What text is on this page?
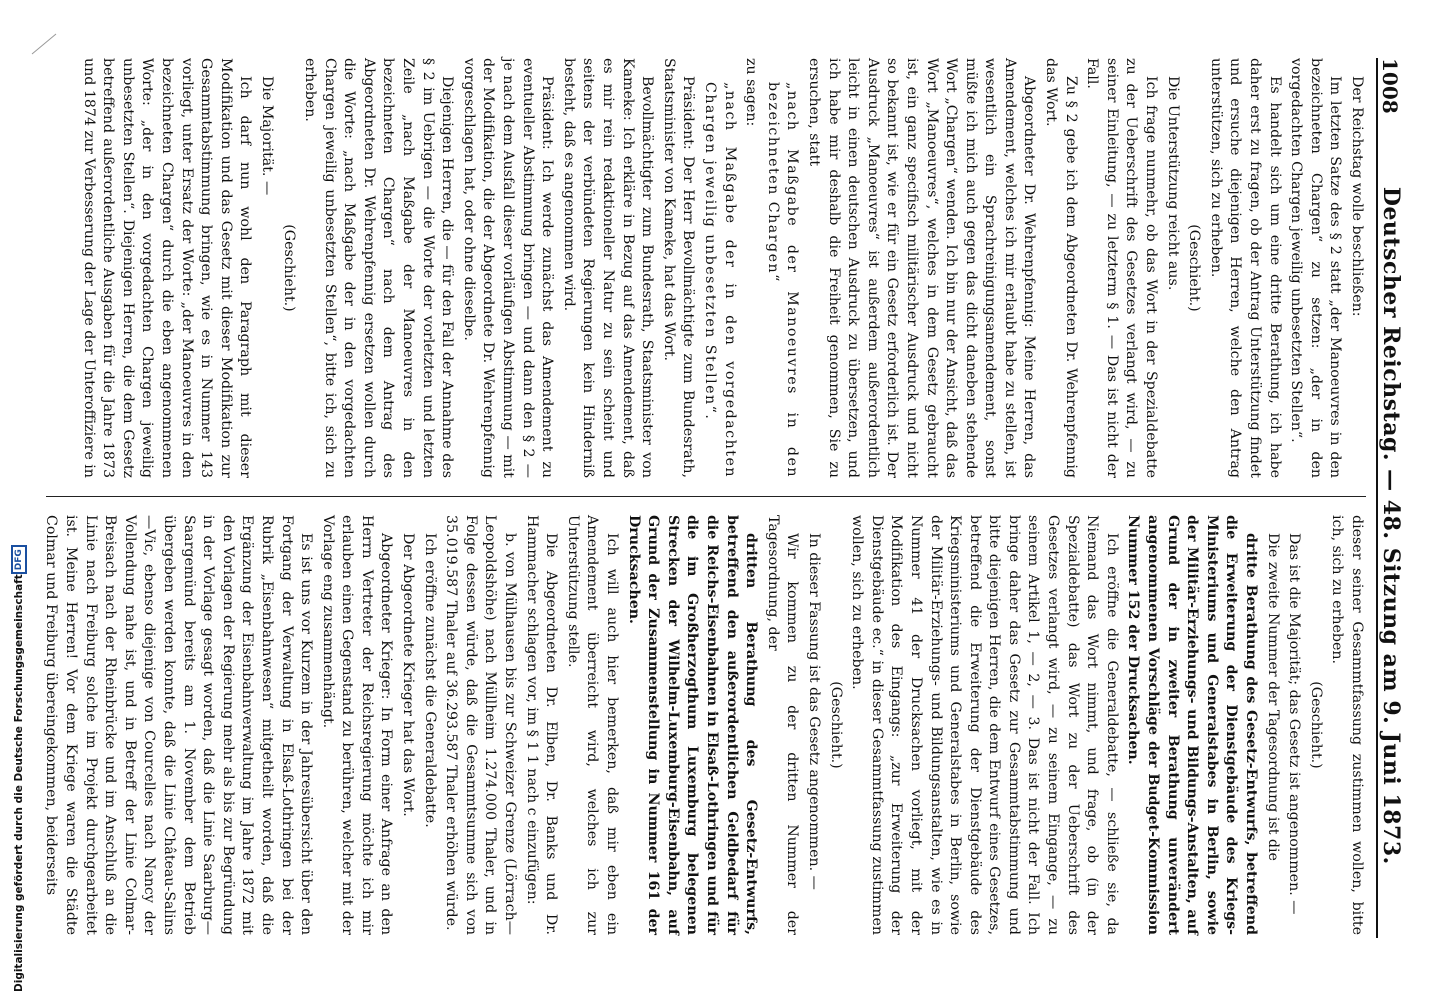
1008
Deutscher Reichstag. — 48. Sitzung am 9. Juni 1873.

Der Reichstag wolle beschließen:

Im letzten Satze des § 2 statt „der Manoeuvres in den bezeichneten Chargen“ zu setzen: „der in den vorgedachten Chargen jeweilig unbesetzten Stellen“.

Es handelt sich um eine dritte Berathung, ich habe daher erst zu fragen, ob der Antrag Unterstützung findet und ersuche diejenigen Herren, welche den Antrag unterstützen, sich zu erheben.

(Geschieht.)

Die Unterstützung reicht aus.

Ich frage nunmehr, ob das Wort in der Spezialdebatte zu der Ueberschrift des Gesetzes verlangt wird, — zu seiner Einleitung, — zu letzterm § 1. — Das ist nicht der Fall.

Zu § 2 gebe ich dem Abgeordneten Dr. Wehrenpfennig das Wort.

Abgeordneter Dr. Wehrenpfennig: Meine Herren, das Amendement, welches ich mir erlaubt habe zu stellen, ist wesentlich ein Sprachreinigungsamendement, sonst müßte ich mich auch gegen das dicht daneben stehende Wort „Chargen“ wenden. Ich bin nur der Ansicht, daß das Wort „Manoeuvres“, welches in dem Gesetz gebraucht ist, ein ganz specifisch militärischer Ausdruck und nicht so bekannt ist, wie er für ein Gesetz erforderlich ist. Der Ausdruck „Manoeuvres“ ist außerdem außerordentlich leicht in einen deutschen Ausdruck zu übersetzen, und ich habe mir deshalb die Freiheit genommen, Sie zu ersuchen, statt

„nach Maßgabe der Manoeuvres in den bezeichneten Chargen“

zu sagen:

„nach Maßgabe der in den vorgedachten Chargen jeweilig unbesetzten Stellen“.

Präsident: Der Herr Bevollmächtigte zum Bundesrath, Staatsminister von Kameke, hat das Wort.

Bevollmächtigter zum Bundesrath, Staatsminister von Kameke: Ich erkläre in Bezug auf das Amendement, daß es mir rein redaktioneller Natur zu sein scheint und seitens der verbündeten Regierungen kein Hinderniß besteht, daß es angenommen wird.

Präsident: Ich werde zunächst das Amendement zu eventueller Abstimmung bringen — und dann den § 2 — je nach dem Ausfall dieser vorläufigen Abstimmung — mit der Modifikation, die der Abgeordnete Dr. Wehrenpfennig vorgeschlagen hat, oder ohne dieselbe.

Diejenigen Herren, die — für den Fall der Annahme des § 2 im Uebrigen — die Worte der vorletzten und letzten Zeile „nach Maßgabe der Manoeuvres in den bezeichneten Chargen“ nach dem Antrag des Abgeordneten Dr. Wehrenpfennig ersetzen wollen durch die Worte: „nach Maßgabe der in den vorgedachten Chargen jeweilig unbesetzten Stellen“, bitte ich, sich zu erheben.

(Geschieht.)

Die Majorität. —

Ich darf nun wohl den Paragraph mit dieser Modifikation und das Gesetz mit dieser Modifikation zur Gesammtabstimmung bringen, wie es in Nummer 143 vorliegt, unter Ersatz der Worte: „der Manoeuvres in den bezeichneten Chargen“ durch die eben angenommenen Worte: „der in den vorgedachten Chargen jeweilig unbesetzten Stellen“. Diejenigen Herren, die dem Gesetz betreffend außerordentliche Ausgaben für die Jahre 1873 und 1874 zur Verbesserung der Lage der Unteroffiziere in

dieser seiner Gesammtfassung zustimmen wollen, bitte ich, sich zu erheben.

(Geschieht.)

Das ist die Majorität; das Gesetz ist angenommen. —

Die zweite Nummer der Tagesordnung ist die

dritte Berathung des Gesetz-Entwurfs, betreffend die Erweiterung der Dienstgebäude des Kriegs-Ministeriums und Generalstabes in Berlin, sowie der Militär-Erziehungs- und Bildungs-Anstalten, auf Grund der in zweiter Berathung unverändert angenommenen Vorschläge der Budget-Kommission Nummer 152 der Drucksachen.

Ich eröffne die Generaldebatte, — schließe sie, da Niemand das Wort nimmt, und frage, ob (in der Spezialdebatte) das Wort zu der Ueberschrift des Gesetzes verlangt wird, — zu seinem Eingange, — zu seinem Artikel 1, — 2, — 3. Das ist nicht der Fall. Ich bringe daher das Gesetz zur Gesammtabstimmung und bitte diejenigen Herren, die dem Entwurf eines Gesetzes, betreffend die Erweiterung der Dienstgebäude des Kriegsministeriums und Generalstabes in Berlin, sowie der Militär-Erziehungs- und Bildungsanstalten, wie es in Nummer 41 der Drucksachen vorliegt, mit der Modifikation des Eingangs: „zur Erweiterung der Dienstgebäude ec.“ in dieser Gesammtfassung zustimmen wollen, sich zu erheben.

(Geschieht.)

In dieser Fassung ist das Gesetz angenommen. —

Wir kommen zu der dritten Nummer der Tagesordnung, der

dritten Berathung des Gesetz-Entwurfs, betreffend den außerordentlichen Geldbedarf für die Reichs-Eisenbahnen in Elsaß-Lothringen und für die im Großherzogthum Luxemburg belegenen Strecken der Wilhelm-Luxemburg-Eisenbahn, auf Grund der Zusammenstellung in Nummer 161 der Drucksachen.

Ich will auch hier bemerken, daß mir eben ein Amendement überreicht wird, welches ich zur Unterstützung stelle.

Die Abgeordneten Dr. Elben, Dr. Banks und Dr. Hammacher schlagen vor, im § 1 1 nach c einzufügen:

b. von Mülhausen bis zur Schweizer Grenze (Lörrach—Leopoldshöhe) nach Müllheim 1.274.000 Thaler, und in Folge dessen würde, daß die Gesammtsumme sich von 35.019.587 Thaler auf 36.293.587 Thaler erhöhen würde.

Ich eröffne zunächst die Generaldebatte.

Der Abgeordnete Krieger hat das Wort.

Abgeordneter Krieger: In Form einer Anfrage an den Herrn Vertreter der Reichsregierung möchte ich mir erlauben einen Gegenstand zu berühren, welcher mit der Vorlage eng zusammenhängt.

Es ist uns vor Kurzem in der Jahresübersicht über den Fortgang der Verwaltung in Elsaß-Lothringen bei der Rubrik „Eisenbahnwesen“ mitgetheilt worden, daß die Ergänzung der Eisenbahnverwaltung im Jahre 1872 mit den Vorlagen der Regierung mehr als bis zur Begründung in der Vorlage gesagt worden, daß die Linie Saarburg—Saargemünd bereits am 1. November dem Betrieb übergeben werden konnte, daß die Linie Château-Salins—Vic, ebenso diejenige von Courcelles nach Nancy der Vollendung nahe ist, und in Betreff der Linie Colmar-Breisach nach der Rheinbrücke und im Anschluß an die Linie nach Freiburg solche im Projekt durchgearbeitet ist. Meine Herren! Vor dem Kriege waren die Städte Colmar und Freiburg übereingekommen, beiderseits

Digitalisierung gefördert durch die Deutsche Forschungsgemeinschaft
DFG
